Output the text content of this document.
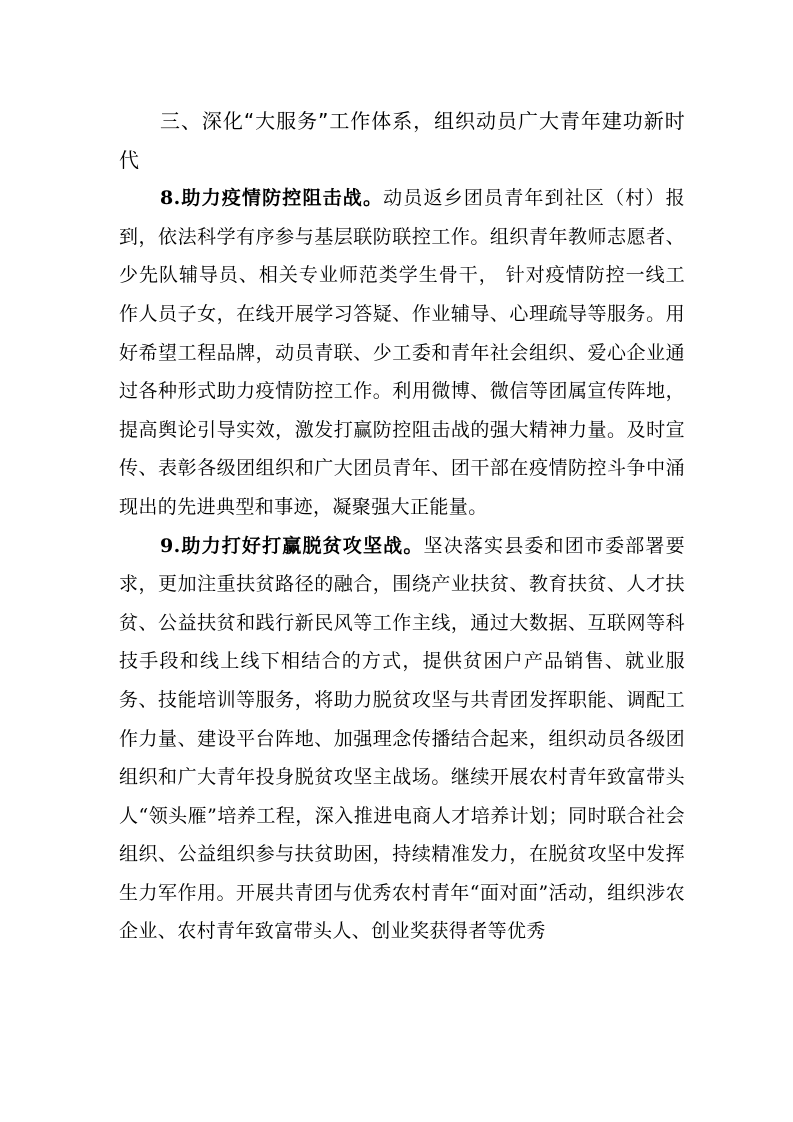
三、深化“大服务”工作体系，组织动员广大青年建功新时代

8.助力疫情防控阻击战。动员返乡团员青年到社区（村）报到，依法科学有序参与基层联防联控工作。组织青年教师志愿者、少先队辅导员、相关专业师范类学生骨干， 针对疫情防控一线工作人员子女，在线开展学习答疑、作业辅导、心理疏导等服务。用好希望工程品牌，动员青联、少工委和青年社会组织、爱心企业通过各种形式助力疫情防控工作。利用微博、微信等团属宣传阵地，提高舆论引导实效，激发打赢防控阻击战的强大精神力量。及时宣传、表彰各级团组织和广大团员青年、团干部在疫情防控斗争中涌现出的先进典型和事迹，凝聚强大正能量。

9.助力打好打赢脱贫攻坚战。坚决落实县委和团市委部署要求，更加注重扶贫路径的融合，围绕产业扶贫、教育扶贫、人才扶贫、公益扶贫和践行新民风等工作主线，通过大数据、互联网等科技手段和线上线下相结合的方式，提供贫困户产品销售、就业服务、技能培训等服务，将助力脱贫攻坚与共青团发挥职能、调配工作力量、建设平台阵地、加强理念传播结合起来，组织动员各级团组织和广大青年投身脱贫攻坚主战场。继续开展农村青年致富带头人“领头雁”培养工程，深入推进电商人才培养计划；同时联合社会组织、公益组织参与扶贫助困，持续精准发力，在脱贫攻坚中发挥生力军作用。开展共青团与优秀农村青年“面对面”活动，组织涉农企业、农村青年致富带头人、创业奖获得者等优秀
